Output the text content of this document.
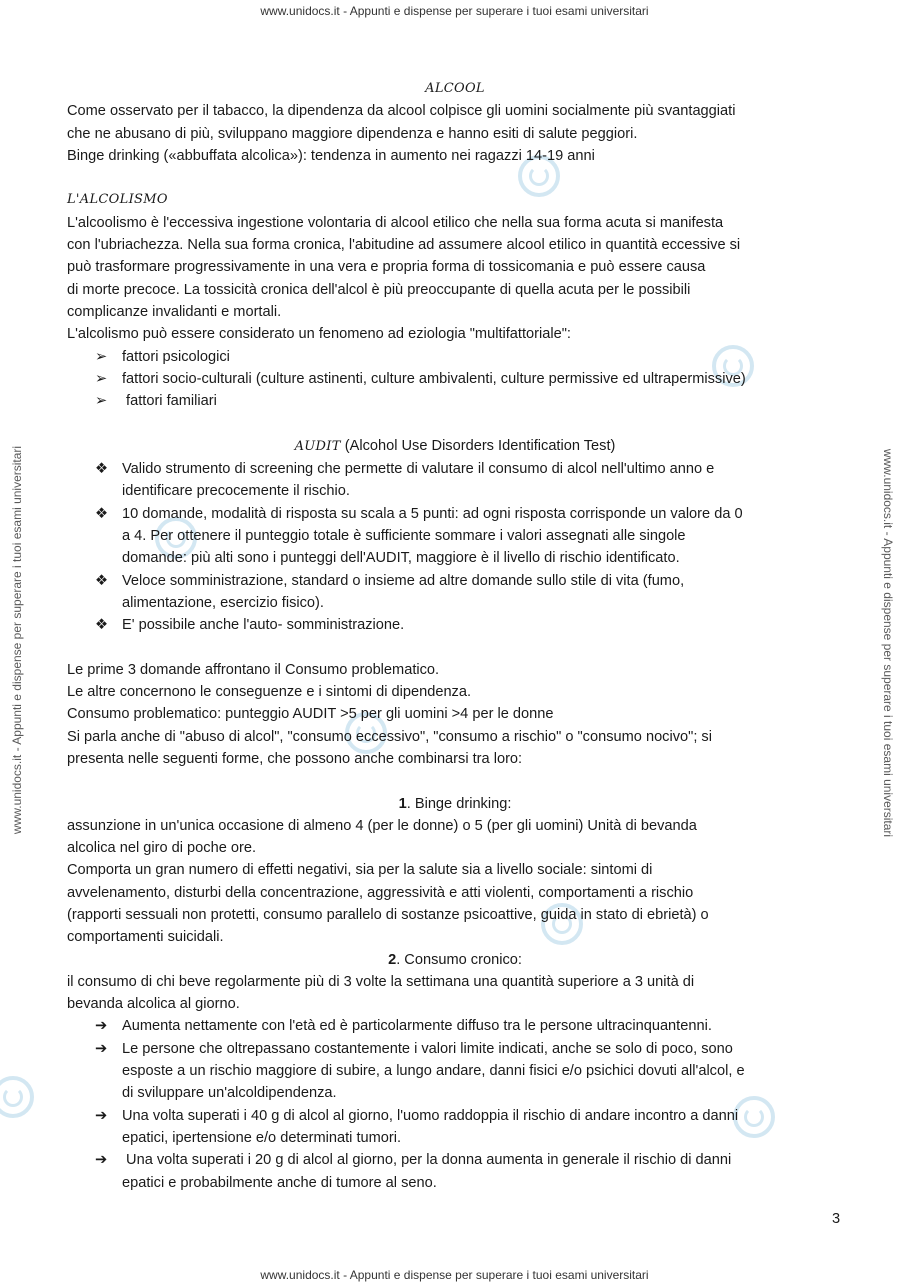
www.unidocs.it - Appunti e dispense per superare i tuoi esami universitari
www.unidocs.it - Appunti e dispense per superare i tuoi esami universitari	www.unidocs.it - Appunti e dispense per superare i tuoi esami universitari

ALCOOL

Come osservato per il tabacco, la dipendenza da alcool colpisce gli uomini socialmente più svantaggiati

che ne abusano di più, sviluppano maggiore dipendenza e hanno esiti di salute peggiori.

Binge drinking («abbuffata alcolica»): tendenza in aumento nei ragazzi 14-19 anni

L'ALCOLISMO

L'alcoolismo è l'eccessiva ingestione volontaria di alcool etilico che nella sua forma acuta si manifesta

con l'ubriachezza. Nella sua forma cronica, l'abitudine ad assumere alcool etilico in quantità eccessive si

può trasformare progressivamente in una vera e propria forma di tossicomania e può essere causa

di morte precoce. La tossicità cronica dell'alcol è più preoccupante di quella acuta per le possibili

complicanze invalidanti e mortali.

L'alcolismo può essere considerato un fenomeno ad eziologia "multifattoriale":

➢ fattori psicologici
➢ fattori socio-culturali (culture astinenti, culture ambivalenti, culture permissive ed ultrapermissive)
➢ fattori familiari

AUDIT (Alcohol Use Disorders Identification Test)

❖ Valido strumento di screening che permette di valutare il consumo di alcol nell'ultimo anno e
identificare precocemente il rischio.
❖ 10 domande, modalità di risposta su scala a 5 punti: ad ogni risposta corrisponde un valore da 0
a 4. Per ottenere il punteggio totale è sufficiente sommare i valori assegnati alle singole
domande: più alti sono i punteggi dell'AUDIT, maggiore è il livello di rischio identificato.
❖ Veloce somministrazione, standard o insieme ad altre domande sullo stile di vita (fumo,
alimentazione, esercizio fisico).
❖ E' possibile anche l'auto- somministrazione.

Le prime 3 domande affrontano il Consumo problematico.

Le altre concernono le conseguenze e i sintomi di dipendenza.

Consumo problematico: punteggio AUDIT >5 per gli uomini >4 per le donne

Si parla anche di "abuso di alcol", "consumo eccessivo", "consumo a rischio" o "consumo nocivo"; si

presenta nelle seguenti forme, che possono anche combinarsi tra loro:

1. Binge drinking:

assunzione in un'unica occasione di almeno 4 (per le donne) o 5 (per gli uomini) Unità di bevanda

alcolica nel giro di poche ore.

Comporta un gran numero di effetti negativi, sia per la salute sia a livello sociale: sintomi di

avvelenamento, disturbi della concentrazione, aggressività e atti violenti, comportamenti a rischio

(rapporti sessuali non protetti, consumo parallelo di sostanze psicoattive, guida in stato di ebrietà) o

comportamenti suicidali.

2. Consumo cronico:

il consumo di chi beve regolarmente più di 3 volte la settimana una quantità superiore a 3 unità di

bevanda alcolica al giorno.

➔ Aumenta nettamente con l'età ed è particolarmente diffuso tra le persone ultracinquantenni.
➔ Le persone che oltrepassano costantemente i valori limite indicati, anche se solo di poco, sono
esposte a un rischio maggiore di subire, a lungo andare, danni fisici e/o psichici dovuti all'alcol, e
di sviluppare un'alcoldipendenza.
➔ Una volta superati i 40 g di alcol al giorno, l'uomo raddoppia il rischio di andare incontro a danni
epatici, ipertensione e/o determinati tumori.
➔ Una volta superati i 20 g di alcol al giorno, per la donna aumenta in generale il rischio di danni
epatici e probabilmente anche di tumore al seno.
3
www.unidocs.it - Appunti e dispense per superare i tuoi esami universitari
